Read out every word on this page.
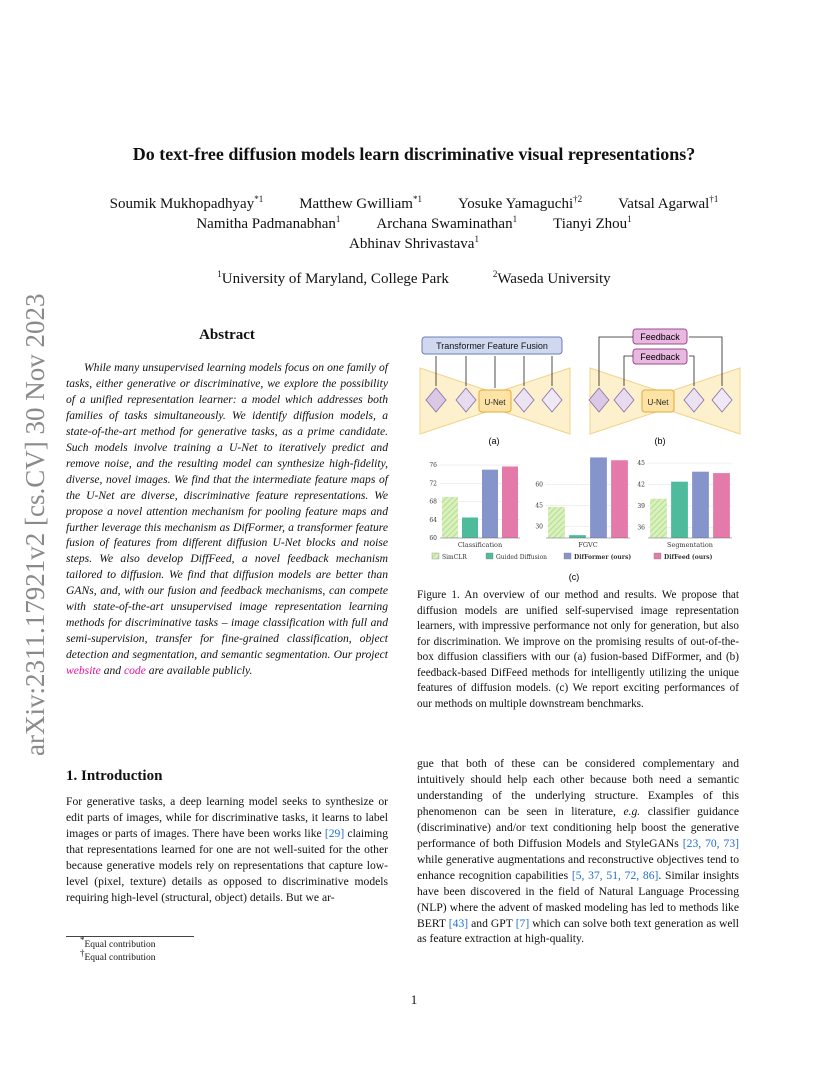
Do text-free diffusion models learn discriminative visual representations?
Soumik Mukhopadhyay$^{*1}$ Matthew Gwilliam$^{*1}$ Yosuke Yamaguchi$^{\dagger 2}$ Vatsal Agarwal$^{\dagger 1}$
Namitha Padmanabhan$^1$ Archana Swaminathan$^1$ Tianyi Zhou$^1$
Abhinav Shrivastava$^1$
$^1$University of Maryland, College Park	$^2$Waseda University
arXiv:2311.17921v2 [cs.CV] 30 Nov 2023	Abstract
While many unsupervised learning models focus on one family of tasks, either generative or discriminative, we explore the possibility of a unified representation learner: a model which addresses both families of tasks simultaneously. We identify diffusion models, a state-of-the-art method for generative tasks, as a prime candidate. Such models involve training a U-Net to iteratively predict and remove noise, and the resulting model can synthesize high-fidelity, diverse, novel images. We find that the intermediate feature maps of the U-Net are diverse, discriminative feature representations. We propose a novel attention mechanism for pooling feature maps and further leverage this mechanism as DifFormer, a transformer feature fusion of features from different diffusion U-Net blocks and noise steps. We also develop DiffFeed, a novel feedback mechanism tailored to diffusion. We find that diffusion models are better than GANs, and, with our fusion and feedback mechanisms, can compete with state-of-the-art unsupervised image representation learning methods for discriminative tasks – image classification with full and semi-supervision, transfer for fine-grained classification, object detection and segmentation, and semantic segmentation. Our project website and code are available publicly.
1. Introduction
For generative tasks, a deep learning model seeks to synthesize or edit parts of images, while for discriminative tasks, it learns to label images or parts of images. There have been works like [29] claiming that representations learned for one are not well-suited for the other because generative models rely on representations that capture low-level (pixel, texture) details as opposed to discriminative models requiring high-level (structural, object) details. But we ar-
*Equal contribution
†Equal contribution
U-Net
Transformer Feature Fusion
(a)
U-Net
Feedback
Feedback
(b)
60
64
68
72
76
Classification
30
45
60
FGVC
36
39
42
45
Segmentation
SimCLR	Guided Diffusion	DifFormer (ours)	DifFeed (ours)
(c)
Figure 1. An overview of our method and results. We propose that diffusion models are unified self-supervised image representation learners, with impressive performance not only for generation, but also for discrimination. We improve on the promising results of out-of-the-box diffusion classifiers with our (a) fusion-based DifFormer, and (b) feedback-based DifFeed methods for intelligently utilizing the unique features of diffusion models. (c) We report exciting performances of our methods on multiple downstream benchmarks.
gue that both of these can be considered complementary and intuitively should help each other because both need a semantic understanding of the underlying structure. Examples of this phenomenon can be seen in literature, e.g. classifier guidance (discriminative) and/or text conditioning help boost the generative performance of both Diffusion Models and StyleGANs [23, 70, 73] while generative augmentations and reconstructive objectives tend to enhance recognition capabilities [5, 37, 51, 72, 86]. Similar insights have been discovered in the field of Natural Language Processing (NLP) where the advent of masked modeling has led to methods like BERT [43] and GPT [7] which can solve both text generation as well as feature extraction at high-quality.
1
